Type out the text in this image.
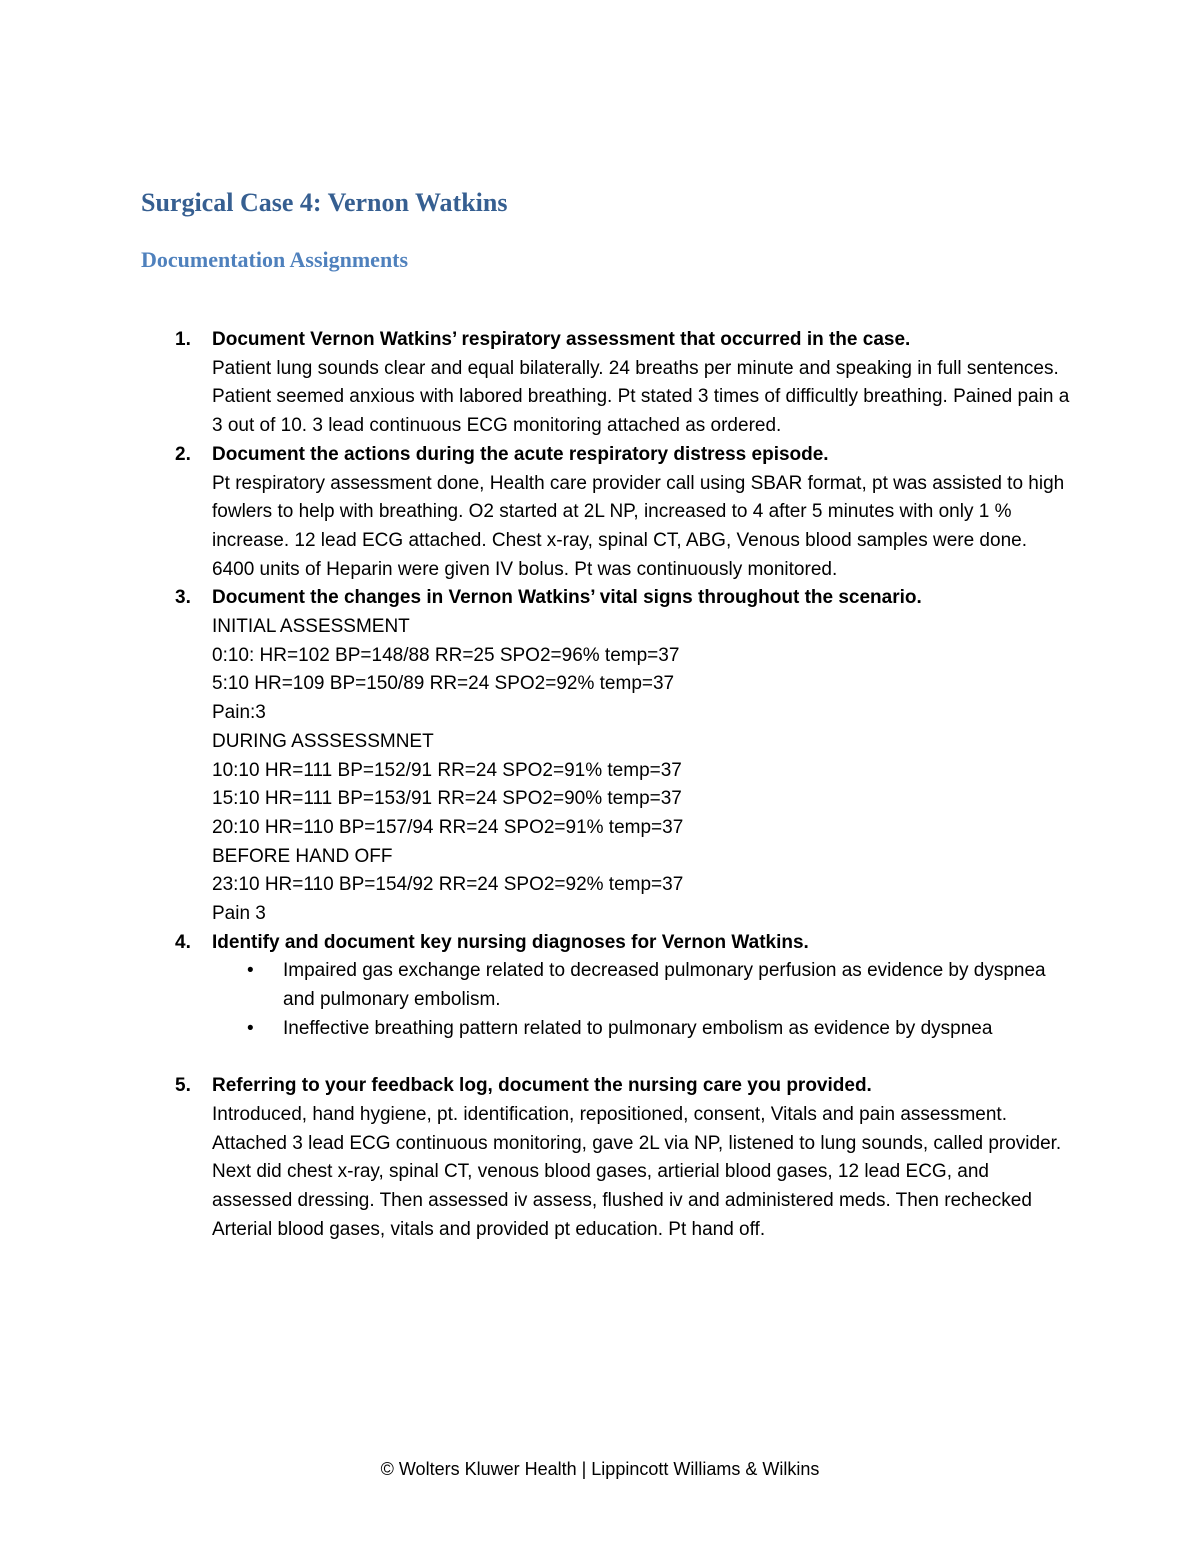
Surgical Case 4: Vernon Watkins
Documentation Assignments
1. Document Vernon Watkins’ respiratory assessment that occurred in the case.
Patient lung sounds clear and equal bilaterally. 24 breaths per minute and speaking in full sentences. Patient seemed anxious with labored breathing. Pt stated 3 times of difficultly breathing. Pained pain a 3 out of 10. 3 lead continuous ECG monitoring attached as ordered.
2. Document the actions during the acute respiratory distress episode.
Pt respiratory assessment done, Health care provider call using SBAR format, pt was assisted to high fowlers to help with breathing. O2 started at 2L NP, increased to 4 after 5 minutes with only 1 % increase. 12 lead ECG attached. Chest x-ray, spinal CT, ABG, Venous blood samples were done. 6400 units of Heparin were given IV bolus. Pt was continuously monitored.
3. Document the changes in Vernon Watkins’ vital signs throughout the scenario.
INITIAL ASSESSMENT
0:10: HR=102 BP=148/88 RR=25 SPO2=96% temp=37
5:10 HR=109 BP=150/89 RR=24 SPO2=92% temp=37
Pain:3
DURING ASSSESSMNET
10:10 HR=111 BP=152/91 RR=24 SPO2=91% temp=37
15:10 HR=111 BP=153/91 RR=24 SPO2=90% temp=37
20:10 HR=110 BP=157/94 RR=24 SPO2=91% temp=37
BEFORE HAND OFF
23:10 HR=110 BP=154/92 RR=24 SPO2=92% temp=37
Pain 3
4. Identify and document key nursing diagnoses for Vernon Watkins.
• Impaired gas exchange related to decreased pulmonary perfusion as evidence by dyspnea and pulmonary embolism.
• Ineffective breathing pattern related to pulmonary embolism as evidence by dyspnea
5. Referring to your feedback log, document the nursing care you provided.
Introduced, hand hygiene, pt. identification, repositioned, consent, Vitals and pain assessment. Attached 3 lead ECG continuous monitoring, gave 2L via NP, listened to lung sounds, called provider. Next did chest x-ray, spinal CT, venous blood gases, artierial blood gases, 12 lead ECG, and assessed dressing. Then assessed iv assess, flushed iv and administered meds. Then rechecked Arterial blood gases, vitals and provided pt education. Pt hand off.

© Wolters Kluwer Health | Lippincott Williams & Wilkins
